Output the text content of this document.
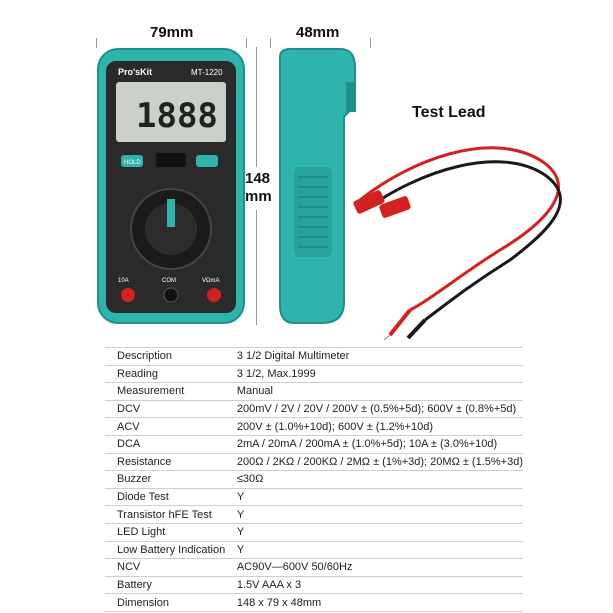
79mm	48mm
148
mm
Pro'sKit	MT-1220
1888
HOLD
10A	COM	VΩmA
Test Lead
Description	3 1/2 Digital Multimeter
Reading	3 1/2, Max.1999
Measurement	Manual
DCV	200mV / 2V / 20V / 200V ± (0.5%+5d); 600V ± (0.8%+5d)
ACV	200V ± (1.0%+10d); 600V ± (1.2%+10d)
DCA	2mA / 20mA / 200mA ± (1.0%+5d); 10A ± (3.0%+10d)
Resistance	200Ω / 2KΩ / 200KΩ / 2MΩ ± (1%+3d); 20MΩ ± (1.5%+3d)
Buzzer	≤30Ω
Diode Test	Y
Transistor hFE Test	Y
LED Light	Y
Low Battery Indication	Y
NCV	AC90V—600V 50/60Hz
Battery	1.5V AAA x 3
Dimension	148 x 79 x 48mm
